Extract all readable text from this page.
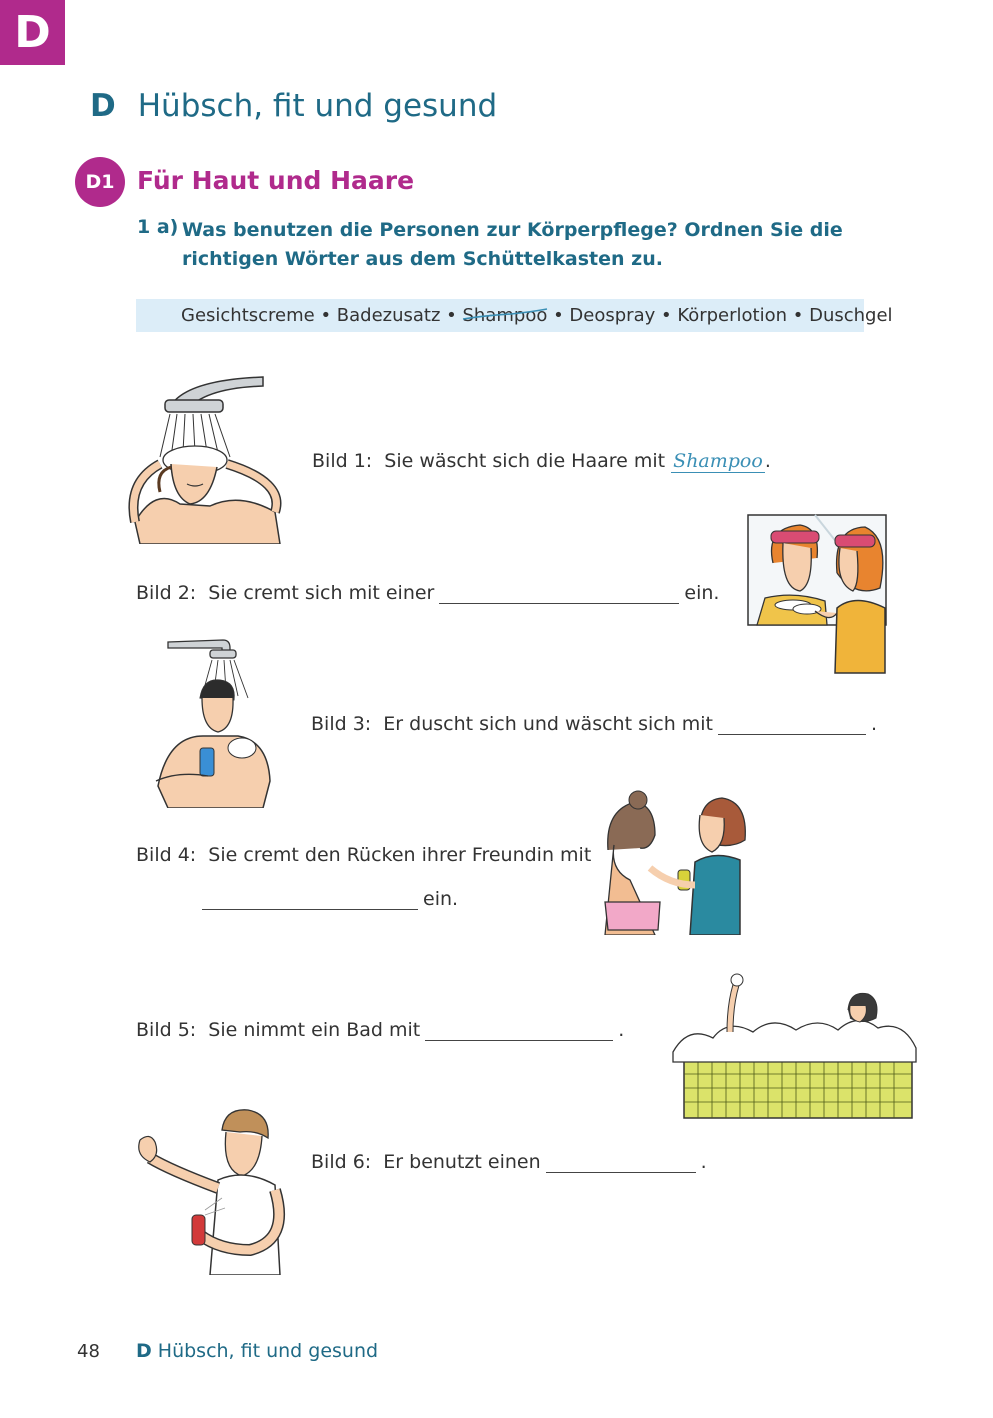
D
D Hübsch, fit und gesund
D1 Für Haut und Haare
1 a) Was benutzen die Personen zur Körperpflege? Ordnen Sie die richtigen Wörter aus dem Schüttelkasten zu.
Gesichtscreme • Badezusatz • Shampoo
• Deospray • Körperlotion • Duschgel
Bild 1: Sie wäscht sich die Haare mit Shampoo .
Bild 2: Sie cremt sich mit einer	ein.
Bild 3: Er duscht sich und wäscht sich mit	.
Bild 4: Sie cremt den Rücken ihrer Freundin mit
ein.
Bild 5: Sie nimmt ein Bad mit	.
Bild 6: Er benutzt einen	.
48 D Hübsch, fit und gesund
